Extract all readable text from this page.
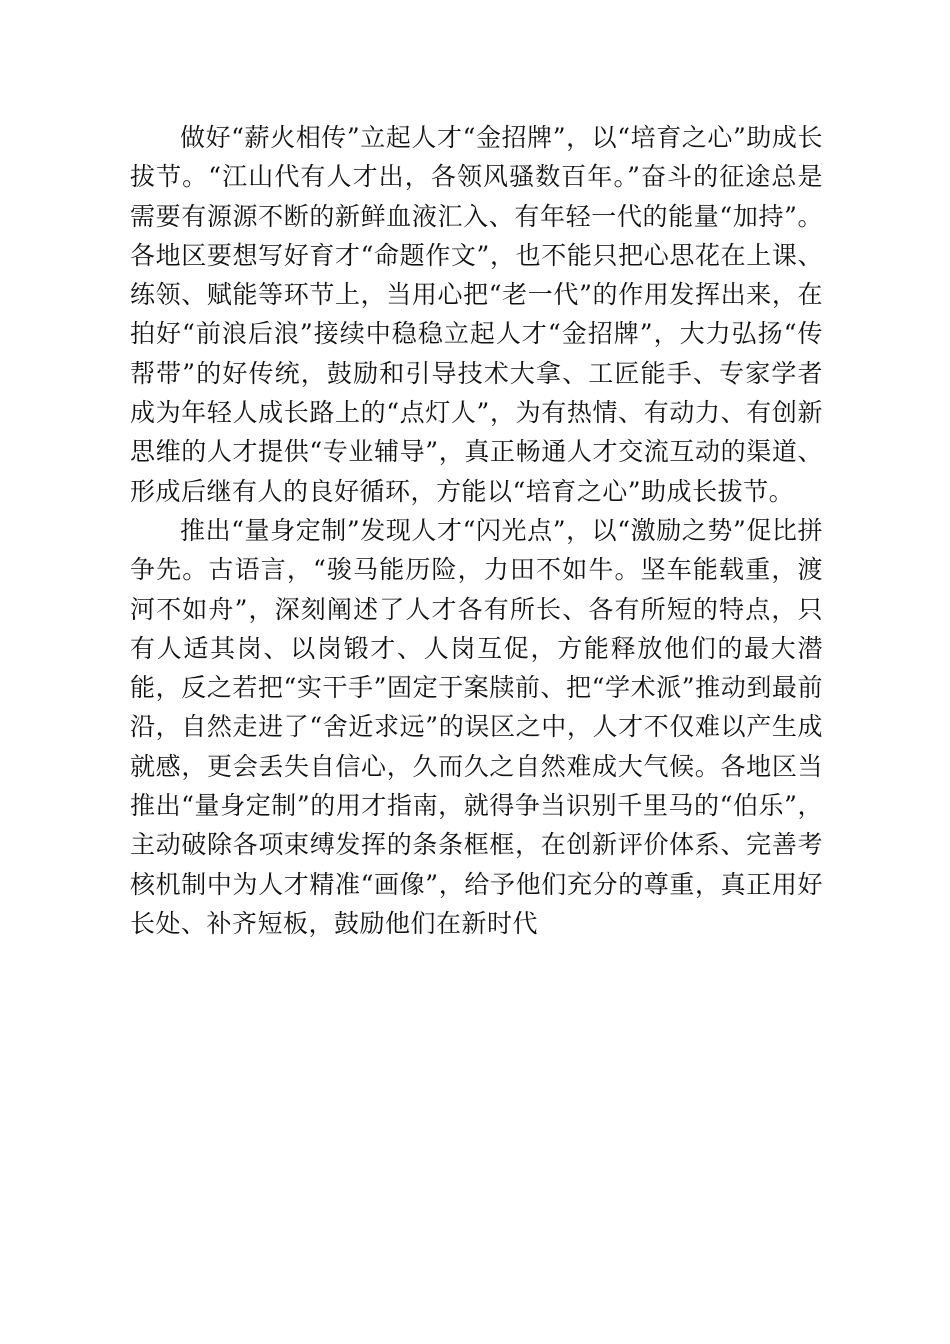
做好“薪火相传”立起人才“金招牌”，以“培育之心”助成长拔节。“江山代有人才出，各领风骚数百年。”奋斗的征途总是需要有源源不断的新鲜血液汇入、有年轻一代的能量“加持”。各地区要想写好育才“命题作文”，也不能只把心思花在上课、练领、赋能等环节上，当用心把“老一代”的作用发挥出来，在拍好“前浪后浪”接续中稳稳立起人才“金招牌”，大力弘扬“传帮带”的好传统，鼓励和引导技术大拿、工匠能手、专家学者成为年轻人成长路上的“点灯人”，为有热情、有动力、有创新思维的人才提供“专业辅导”，真正畅通人才交流互动的渠道、形成后继有人的良好循环，方能以“培育之心”助成长拔节。

推出“量身定制”发现人才“闪光点”，以“激励之势”促比拼争先。古语言，“骏马能历险，力田不如牛。坚车能载重，渡河不如舟”，深刻阐述了人才各有所长、各有所短的特点，只有人适其岗、以岗锻才、人岗互促，方能释放他们的最大潜能，反之若把“实干手”固定于案牍前、把“学术派”推动到最前沿，自然走进了“舍近求远”的误区之中，人才不仅难以产生成就感，更会丢失自信心，久而久之自然难成大气候。各地区当推出“量身定制”的用才指南，就得争当识别千里马的“伯乐”，主动破除各项束缚发挥的条条框框，在创新评价体系、完善考核机制中为人才精准“画像”，给予他们充分的尊重，真正用好长处、补齐短板，鼓励他们在新时代
